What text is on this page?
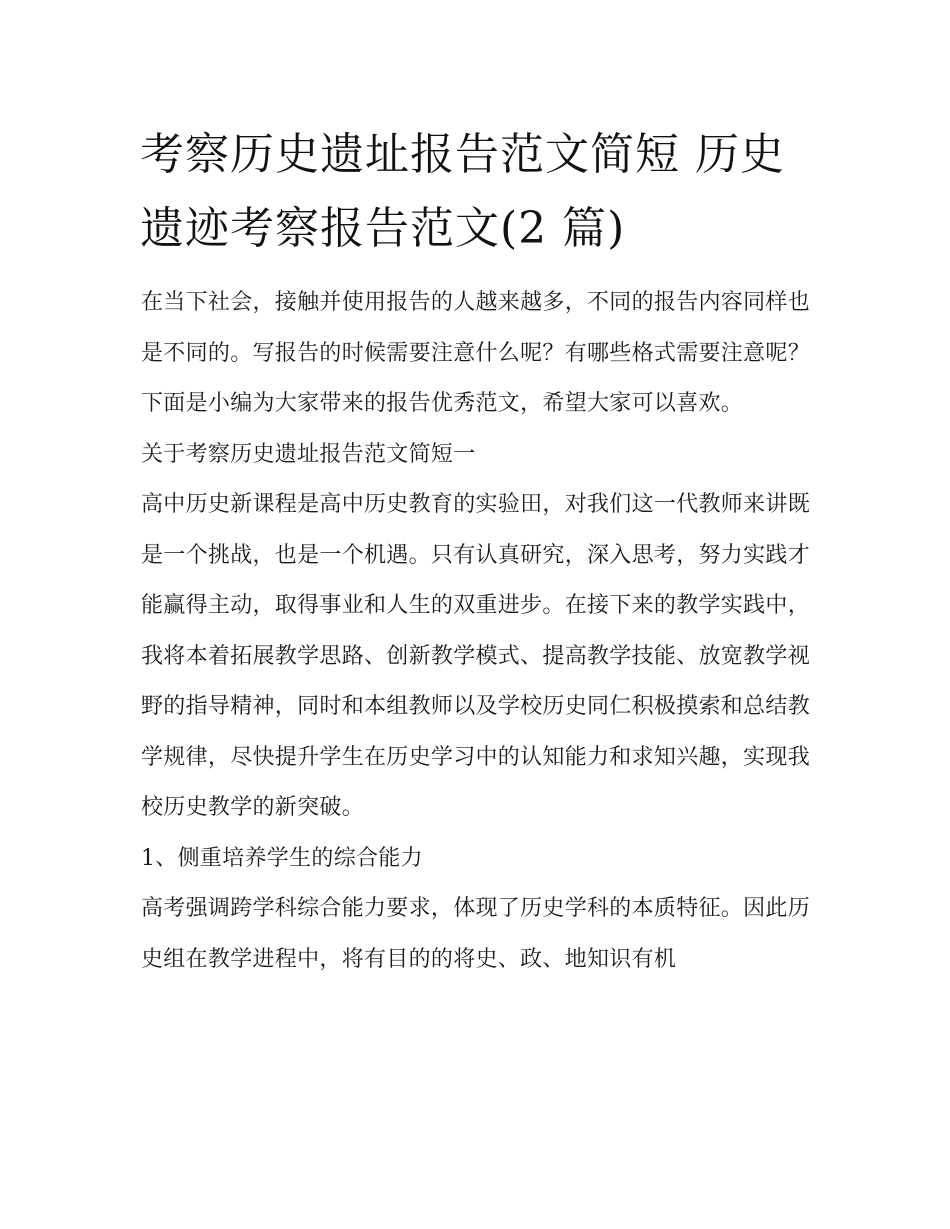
考察历史遗址报告范文简短 历史遗迹考察报告范文(2 篇)

在当下社会，接触并使用报告的人越来越多，不同的报告内容同样也是不同的。写报告的时候需要注意什么呢？有哪些格式需要注意呢？下面是小编为大家带来的报告优秀范文，希望大家可以喜欢。

关于考察历史遗址报告范文简短一

高中历史新课程是高中历史教育的实验田，对我们这一代教师来讲既是一个挑战，也是一个机遇。只有认真研究，深入思考，努力实践才能赢得主动，取得事业和人生的双重进步。在接下来的教学实践中，我将本着拓展教学思路、创新教学模式、提高教学技能、放宽教学视野的指导精神，同时和本组教师以及学校历史同仁积极摸索和总结教学规律，尽快提升学生在历史学习中的认知能力和求知兴趣，实现我校历史教学的新突破。

1、侧重培养学生的综合能力

高考强调跨学科综合能力要求，体现了历史学科的本质特征。因此历史组在教学进程中，将有目的的将史、政、地知识有机
